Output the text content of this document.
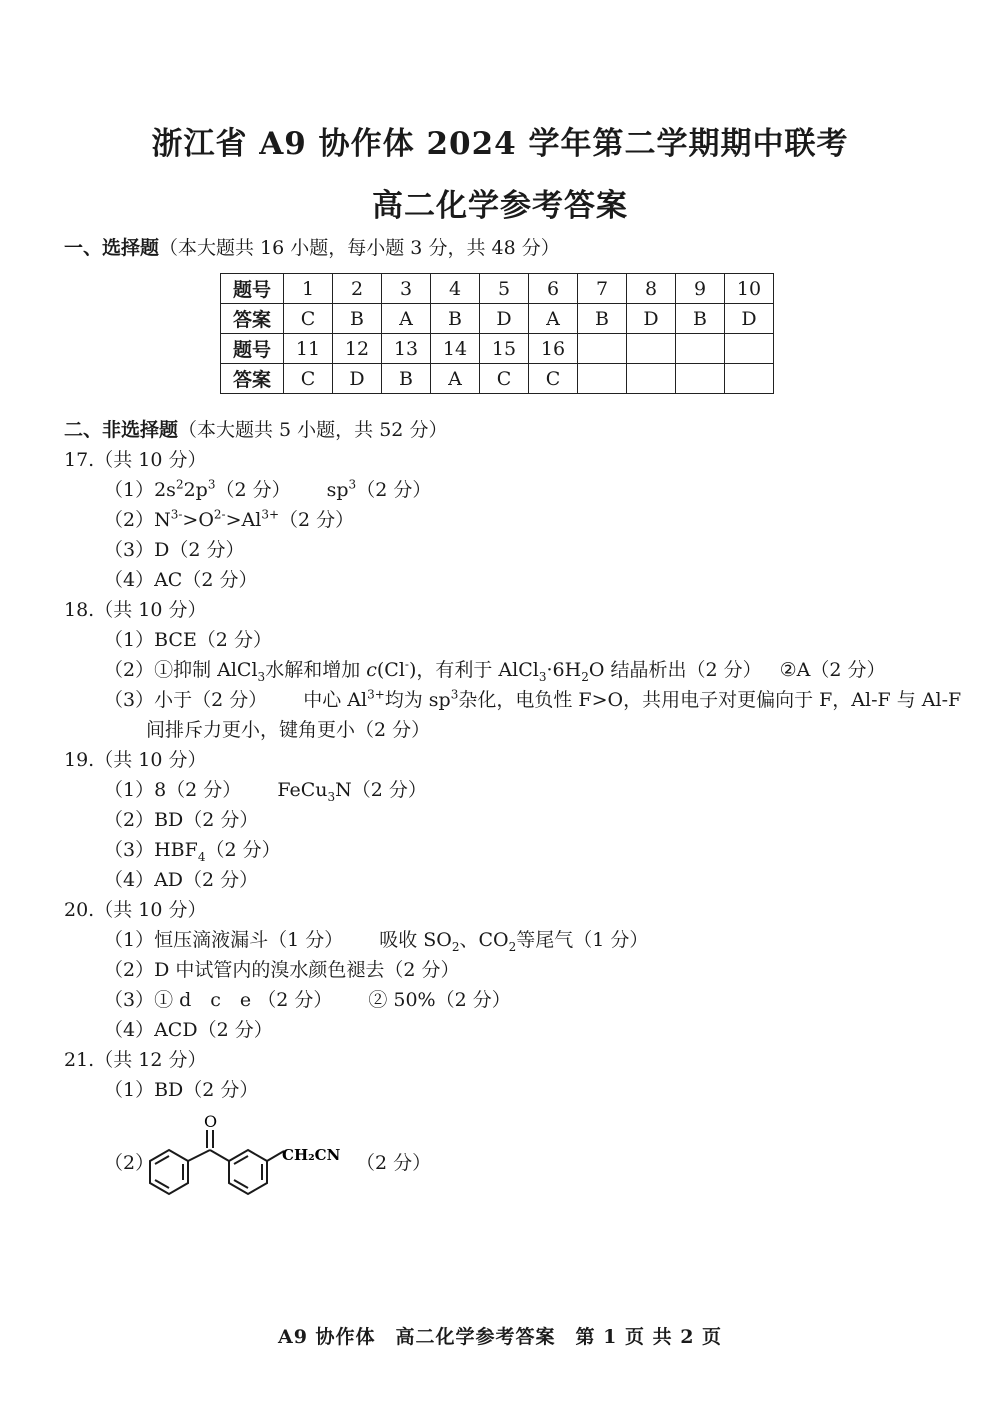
浙江省 A9 协作体 2024 学年第二学期期中联考
高二化学参考答案
一、选择题（本大题共 16 小题，每小题 3 分，共 48 分）
题号	1	2	3	4	5	6	7	8	9	10
答案	C	B	A	B	D	A	B	D	B	D
题号	11	12	13	14	15	16				
答案	C	D	B	A	C	C				
二、非选择题（本大题共 5 小题，共 52 分）
17.（共 10 分）
$(1)2s^22p^3(2$ 分） $sp^3(2$ 分）
$(2)N^{3-}>O^{2-}>Al^{3+}(2$ 分）
（3）D（2 分）
（4）AC（2 分）
18.（共 10 分）
（1）BCE（2 分）
（2）①抑制 AlCl$_3$水解和增加 c(Cl-)，有利于 $AlCl_3\cdot 6H_2O$ 结晶析出（2 分） ②A（2 分）
（3）小于（2 分） 中心 $Al^{3+}$均为 $sp^3$杂化，电负性 F>O，共用电子对更偏向于 F，Al-F 与 Al-F
间排斥力更小，键角更小（2 分）
19.（共 10 分）
（1）8（2 分） FeCu$_3$N（2 分）
（2）BD（2 分）
$(3)HBF_4(2$ 分）
（4）AD（2 分）
20.（共 10 分）
（1）恒压滴液漏斗（1 分） 吸收 $SO_2$、$CO_2$等尾气（1 分）
（2）D 中试管内的溴水颜色褪去（2 分）
（3）① d　c　e （2 分） ② 50%（2 分）
（4）ACD（2 分）
21.（共 12 分）
（1）BD（2 分）
（2）
O
CH₂CN （2 分）
A9 协作体　高二化学参考答案　第 1 页 共 2 页
